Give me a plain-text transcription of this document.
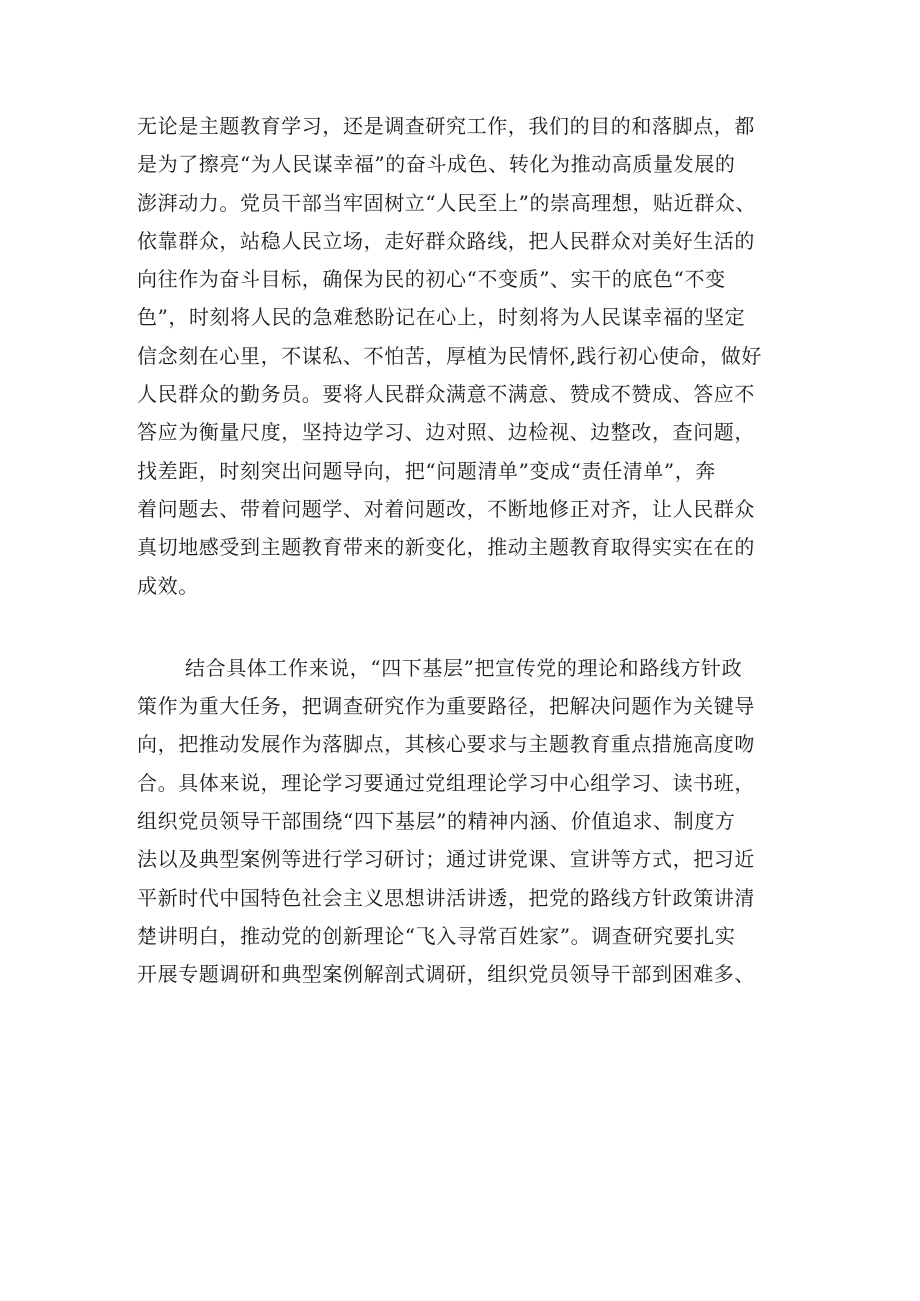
无论是主题教育学习，还是调查研究工作，我们的目的和落脚点，都
是为了擦亮“为人民谋幸福”的奋斗成色、转化为推动高质量发展的
澎湃动力。党员干部当牢固树立“人民至上”的崇高理想，贴近群众、
依靠群众，站稳人民立场，走好群众路线，把人民群众对美好生活的
向往作为奋斗目标，确保为民的初心“不变质”、实干的底色“不变
色”，时刻将人民的急难愁盼记在心上，时刻将为人民谋幸福的坚定
信念刻在心里，不谋私、不怕苦，厚植为民情怀,践行初心使命，做好
人民群众的勤务员。要将人民群众满意不满意、赞成不赞成、答应不
答应为衡量尺度，坚持边学习、边对照、边检视、边整改，查问题，
找差距，时刻突出问题导向，把“问题清单”变成“责任清单”，奔
着问题去、带着问题学、对着问题改，不断地修正对齐，让人民群众
真切地感受到主题教育带来的新变化，推动主题教育取得实实在在的
成效。
结合具体工作来说，“四下基层”把宣传党的理论和路线方针政
策作为重大任务，把调查研究作为重要路径，把解决问题作为关键导
向，把推动发展作为落脚点，其核心要求与主题教育重点措施高度吻
合。具体来说，理论学习要通过党组理论学习中心组学习、读书班，
组织党员领导干部围绕“四下基层”的精神内涵、价值追求、制度方
法以及典型案例等进行学习研讨；通过讲党课、宣讲等方式，把习近
平新时代中国特色社会主义思想讲活讲透，把党的路线方针政策讲清
楚讲明白，推动党的创新理论“飞入寻常百姓家”。调查研究要扎实
开展专题调研和典型案例解剖式调研，组织党员领导干部到困难多、
